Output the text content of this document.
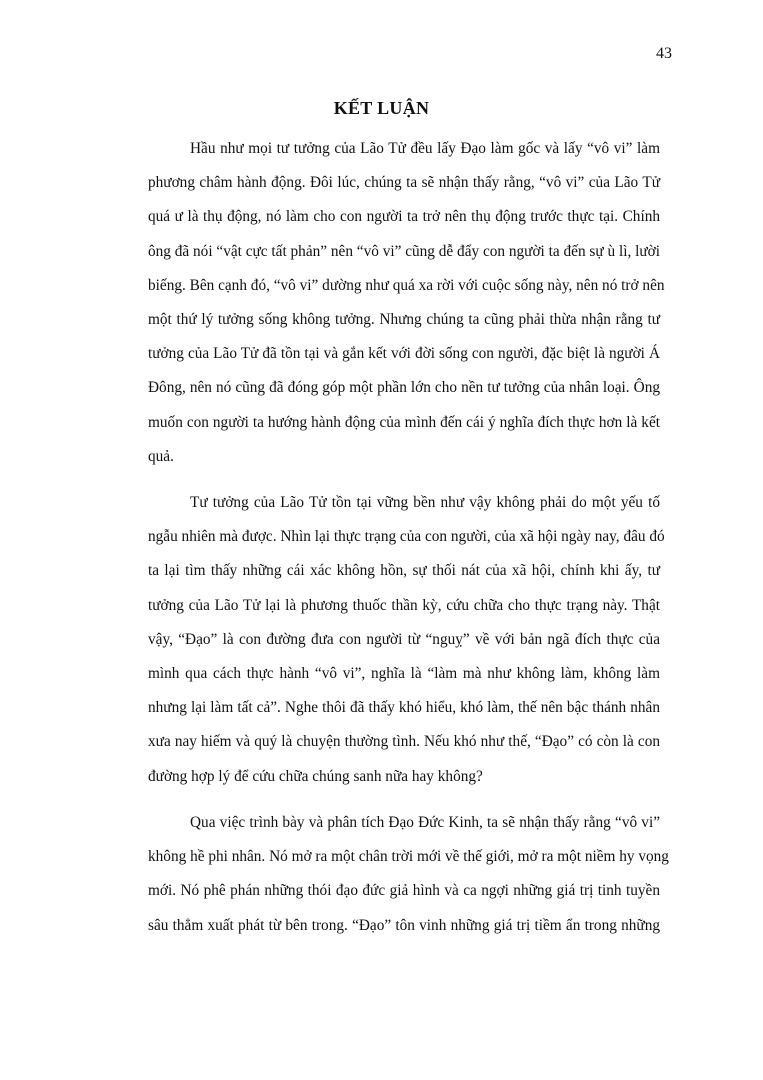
43
KẾT LUẬN
Hầu như mọi tư tưởng của Lão Tử đều lấy Đạo làm gốc và lấy “vô vi” làm
phương châm hành động. Đôi lúc, chúng ta sẽ nhận thấy rằng, “vô vi” của Lão Tử
quá ư là thụ động, nó làm cho con người ta trở nên thụ động trước thực tại. Chính
ông đã nói “vật cực tất phản” nên “vô vi” cũng dễ đẩy con người ta đến sự ù lì, lười
biếng. Bên cạnh đó, “vô vi” dường như quá xa rời với cuộc sống này, nên nó trở nên
một thứ lý tưởng sống không tưởng. Nhưng chúng ta cũng phải thừa nhận rằng tư
tưởng của Lão Tử đã tồn tại và gắn kết với đời sống con người, đặc biệt là người Á
Đông, nên nó cũng đã đóng góp một phần lớn cho nền tư tưởng của nhân loại. Ông
muốn con người ta hướng hành động của mình đến cái ý nghĩa đích thực hơn là kết
quả.
Tư tưởng của Lão Tử tồn tại vững bền như vậy không phải do một yếu tố
ngẫu nhiên mà được. Nhìn lại thực trạng của con người, của xã hội ngày nay, đâu đó
ta lại tìm thấy những cái xác không hồn, sự thối nát của xã hội, chính khi ấy, tư
tưởng của Lão Tử lại là phương thuốc thần kỳ, cứu chữa cho thực trạng này. Thật
vậy, “Đạo” là con đường đưa con người từ “nguỵ” về với bản ngã đích thực của
mình qua cách thực hành “vô vi”, nghĩa là “làm mà như không làm, không làm
nhưng lại làm tất cả”. Nghe thôi đã thấy khó hiểu, khó làm, thế nên bậc thánh nhân
xưa nay hiếm và quý là chuyện thường tình. Nếu khó như thế, “Đạo” có còn là con
đường hợp lý để cứu chữa chúng sanh nữa hay không?
Qua việc trình bày và phân tích Đạo Đức Kinh, ta sẽ nhận thấy rằng “vô vi”
không hề phi nhân. Nó mở ra một chân trời mới về thế giới, mở ra một niềm hy vọng
mới. Nó phê phán những thói đạo đức giả hình và ca ngợi những giá trị tinh tuyền
sâu thẳm xuất phát từ bên trong. “Đạo” tôn vinh những giá trị tiềm ẩn trong những
